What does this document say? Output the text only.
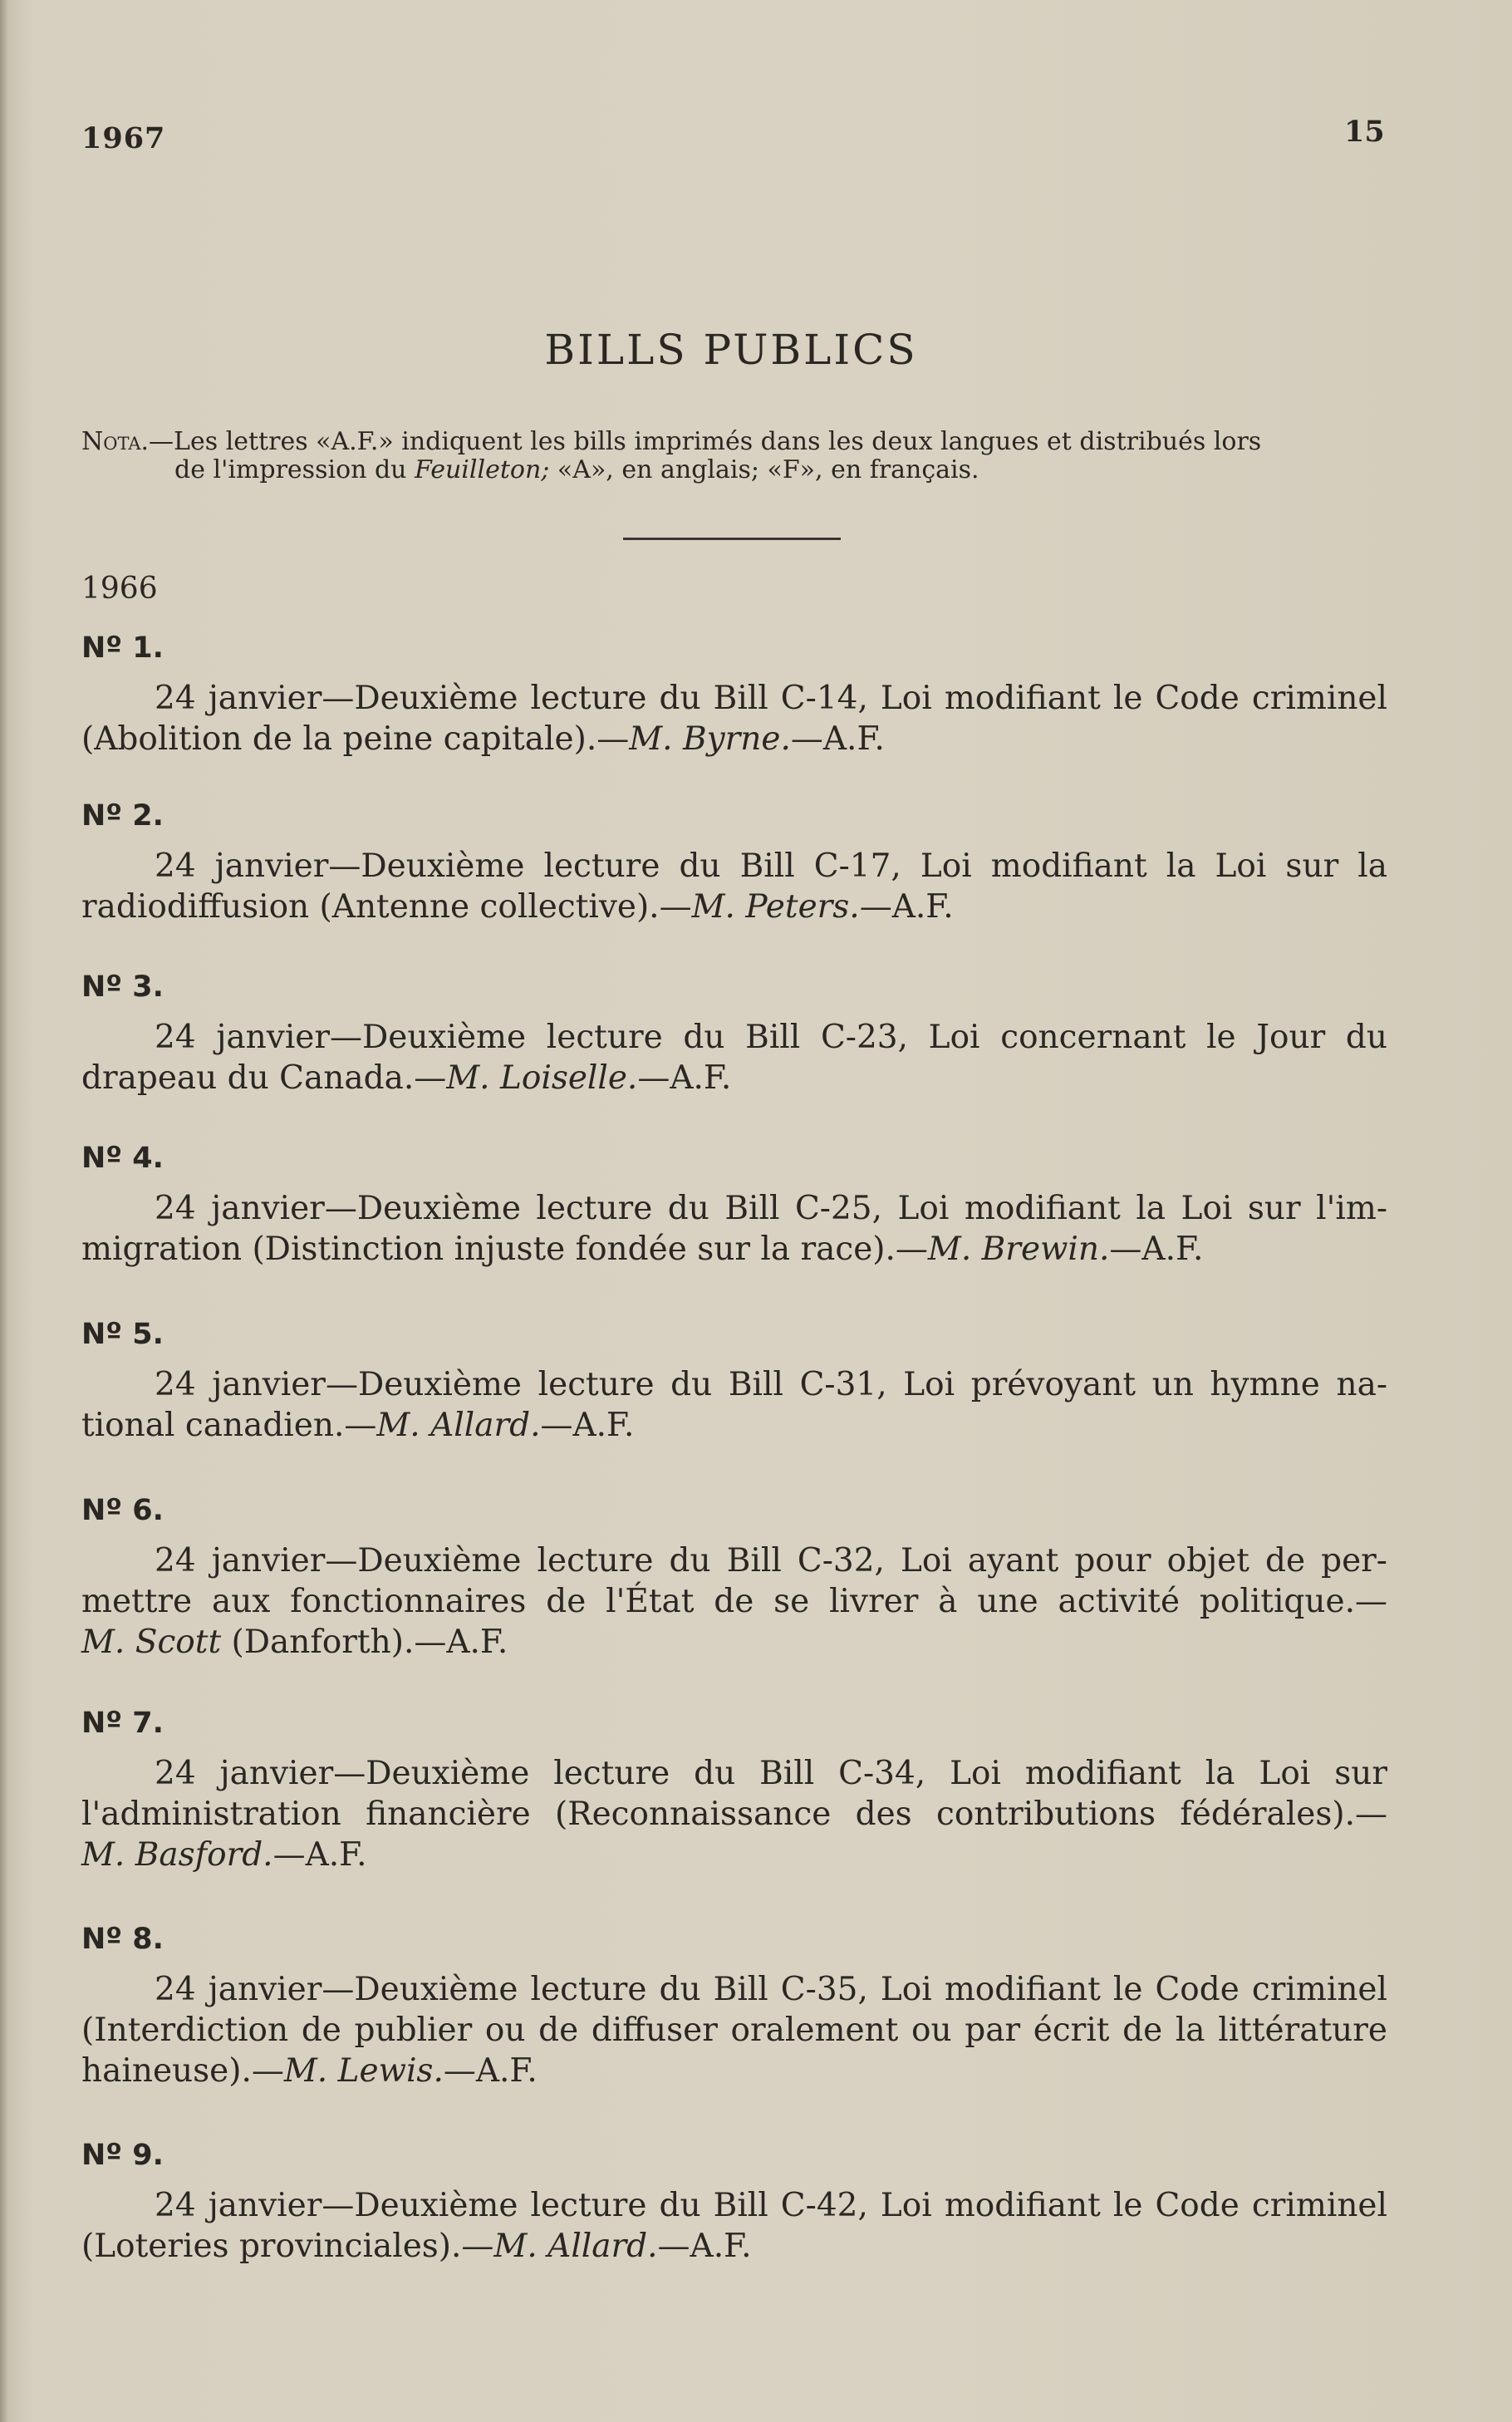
1967	15
BILLS PUBLICS
Nota.—Les lettres «A.F.» indiquent les bills imprimés dans les deux langues et distribués lors
de l'impression du Feuilleton; «A», en anglais; «F», en français.
1966
Nº 1.
24 janvier—Deuxième lecture du Bill C-14, Loi modifiant le Code criminel
(Abolition de la peine capitale).—M. Byrne.—A.F.
Nº 2.
24 janvier—Deuxième lecture du Bill C-17, Loi modifiant la Loi sur la
radiodiffusion (Antenne collective).—M. Peters.—A.F.
Nº 3.
24 janvier—Deuxième lecture du Bill C-23, Loi concernant le Jour du
drapeau du Canada.—M. Loiselle.—A.F.
Nº 4.
24 janvier—Deuxième lecture du Bill C-25, Loi modifiant la Loi sur l'im-
migration (Distinction injuste fondée sur la race).—M. Brewin.—A.F.
Nº 5.
24 janvier—Deuxième lecture du Bill C-31, Loi prévoyant un hymne na-
tional canadien.—M. Allard.—A.F.
Nº 6.
24 janvier—Deuxième lecture du Bill C-32, Loi ayant pour objet de per-
mettre aux fonctionnaires de l'État de se livrer à une activité politique.—
M. Scott (Danforth).—A.F.
Nº 7.
24 janvier—Deuxième lecture du Bill C-34, Loi modifiant la Loi sur
l'administration financière (Reconnaissance des contributions fédérales).—
M. Basford.—A.F.
Nº 8.
24 janvier—Deuxième lecture du Bill C-35, Loi modifiant le Code criminel
(Interdiction de publier ou de diffuser oralement ou par écrit de la littérature
haineuse).—M. Lewis.—A.F.
Nº 9.
24 janvier—Deuxième lecture du Bill C-42, Loi modifiant le Code criminel
(Loteries provinciales).—M. Allard.—A.F.
